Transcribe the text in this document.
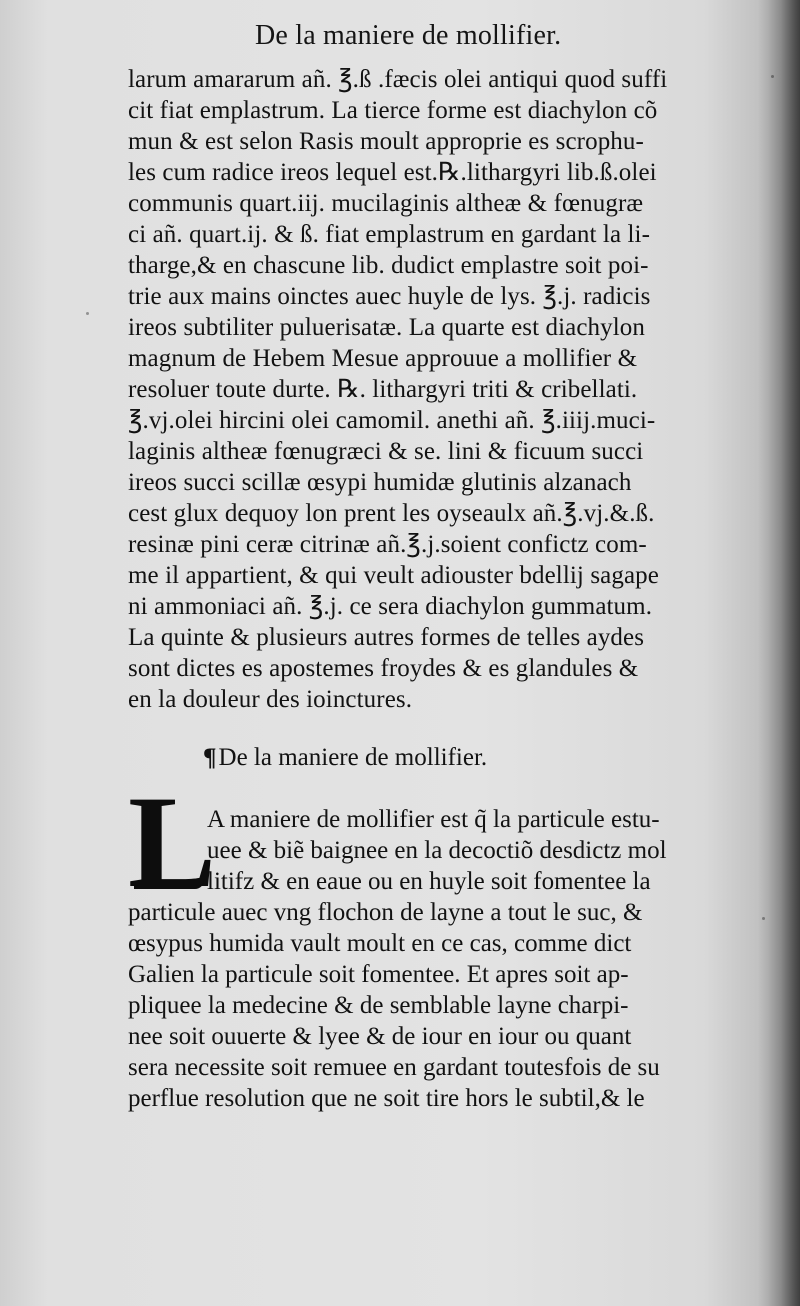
De la maniere de mollifier.
larum amararum añ. ℥.ß .fæcis olei antiqui quod suffi
cit fiat emplastrum. La tierce forme est diachylon cõ
mun & est selon Rasis moult approprie es scrophu-
les cum radice ireos lequel est.℞.lithargyri lib.ß.olei
communis quart.iij. mucilaginis altheæ & fœnugræ
ci añ. quart.ij. & ß. fiat emplastrum en gardant la li-
tharge,& en chascune lib. dudict emplastre soit poi-
trie aux mains oinctes auec huyle de lys. ℥.j. radicis
ireos subtiliter puluerisatæ. La quarte est diachylon
magnum de Hebem Mesue approuue a mollifier &
resoluer toute durte. ℞. lithargyri triti & cribellati.
℥.vj.olei hircini olei camomil. anethi añ. ℥.iiij.muci-
laginis altheæ fœnugræci & se. lini & ficuum succi
ireos succi scillæ œsypi humidæ glutinis alzanach
cest glux dequoy lon prent les oyseaulx añ.℥.vj.&.ß.
resinæ pini ceræ citrinæ añ.℥.j.soient confictz com-
me il appartient, & qui veult adiouster bdellij sagape
ni ammoniaci añ. ℥.j. ce sera diachylon gummatum.
La quinte & plusieurs autres formes de telles aydes
sont dictes es apostemes froydes & es glandules &
en la douleur des ioinctures.
¶De la maniere de mollifier.
L
A maniere de mollifier est q̃ la particule estu-
uee & biẽ baignee en la decoctiõ desdictz mol
litifz & en eaue ou en huyle soit fomentee la
particule auec vng flochon de layne a tout le suc, &
œsypus humida vault moult en ce cas, comme dict
Galien la particule soit fomentee. Et apres soit ap-
pliquee la medecine & de semblable layne charpi-
nee soit ouuerte & lyee & de iour en iour ou quant
sera necessite soit remuee en gardant toutesfois de su
perflue resolution que ne soit tire hors le subtil,& le
